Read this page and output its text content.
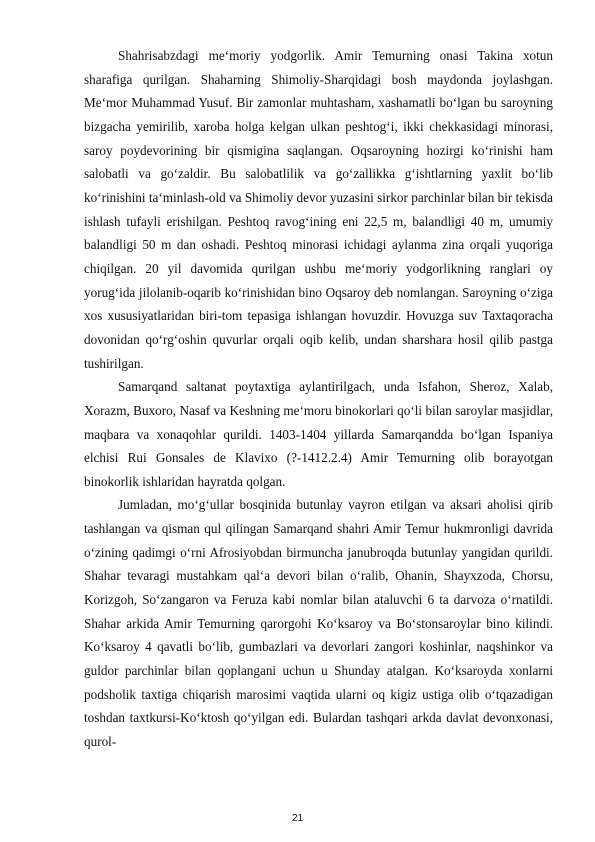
Shahrisabzdagi me‘moriy yodgorlik. Amir Temurning onasi Takina xotun sharafiga qurilgan. Shaharning Shimoliy-Sharqidagi bosh maydonda joylashgan. Me‘mor Muhammad Yusuf. Bir zamonlar muhtasham, xashamatli bo‘lgan bu saroyning bizgacha yemirilib, xaroba holga kelgan ulkan peshtog‘i, ikki chekkasidagi minorasi, saroy poydevorining bir qismigina saqlangan. Oqsaroyning hozirgi ko‘rinishi ham salobatli va go‘zaldir. Bu salobatlilik va go‘zallikka g‘ishtlarning yaxlit bo‘lib ko‘rinishini ta‘minlash-old va Shimoliy devor yuzasini sirkor parchinlar bilan bir tekisda ishlash tufayli erishilgan. Peshtoq ravog‘ining eni 22,5 m, balandligi 40 m, umumiy balandligi 50 m dan oshadi. Peshtoq minorasi ichidagi aylanma zina orqali yuqoriga chiqilgan. 20 yil davomida qurilgan ushbu me‘moriy yodgorlikning ranglari oy yorug‘ida jilolanib-oqarib ko‘rinishidan bino Oqsaroy deb nomlangan. Saroyning o‘ziga xos xususiyatlaridan biri-tom tepasiga ishlangan hovuzdir. Hovuzga suv Taxtaqoracha dovonidan qo‘rg‘oshin quvurlar orqali oqib kelib, undan sharshara hosil qilib pastga tushirilgan.

Samarqand saltanat poytaxtiga aylantirilgach, unda Isfahon, Sheroz, Xalab, Xorazm, Buxoro, Nasaf va Keshning me‘moru binokorlari qo‘li bilan saroylar masjidlar, maqbara va xonaqohlar qurildi. 1403-1404 yillarda Samarqandda bo‘lgan Ispaniya elchisi Rui Gonsales de Klavixo (?-1412.2.4) Amir Temurning olib borayotgan binokorlik ishlaridan hayratda qolgan.

Jumladan, mo‘g‘ullar bosqinida butunlay vayron etilgan va aksari aholisi qirib tashlangan va qisman qul qilingan Samarqand shahri Amir Temur hukmronligi davrida o‘zining qadimgi o‘rni Afrosiyobdan birmuncha janubroqda butunlay yangidan qurildi. Shahar tevaragi mustahkam qal‘a devori bilan o‘ralib, Ohanin, Shayxzoda, Chorsu, Korizgoh, So‘zangaron va Feruza kabi nomlar bilan ataluvchi 6 ta darvoza o‘rnatildi. Shahar arkida Amir Temurning qarorgohi Ko‘ksaroy va Bo‘stonsaroylar bino kilindi. Ko‘ksaroy 4 qavatli bo‘lib, gumbazlari va devorlari zangori koshinlar, naqshinkor va guldor parchinlar bilan qoplangani uchun u Shunday atalgan. Ko‘ksaroyda xonlarni podsholik taxtiga chiqarish marosimi vaqtida ularni oq kigiz ustiga olib o‘tqazadigan toshdan taxtkursi-Ko‘ktosh qo‘yilgan edi. Bulardan tashqari arkda davlat devonxonasi, qurol-

21
